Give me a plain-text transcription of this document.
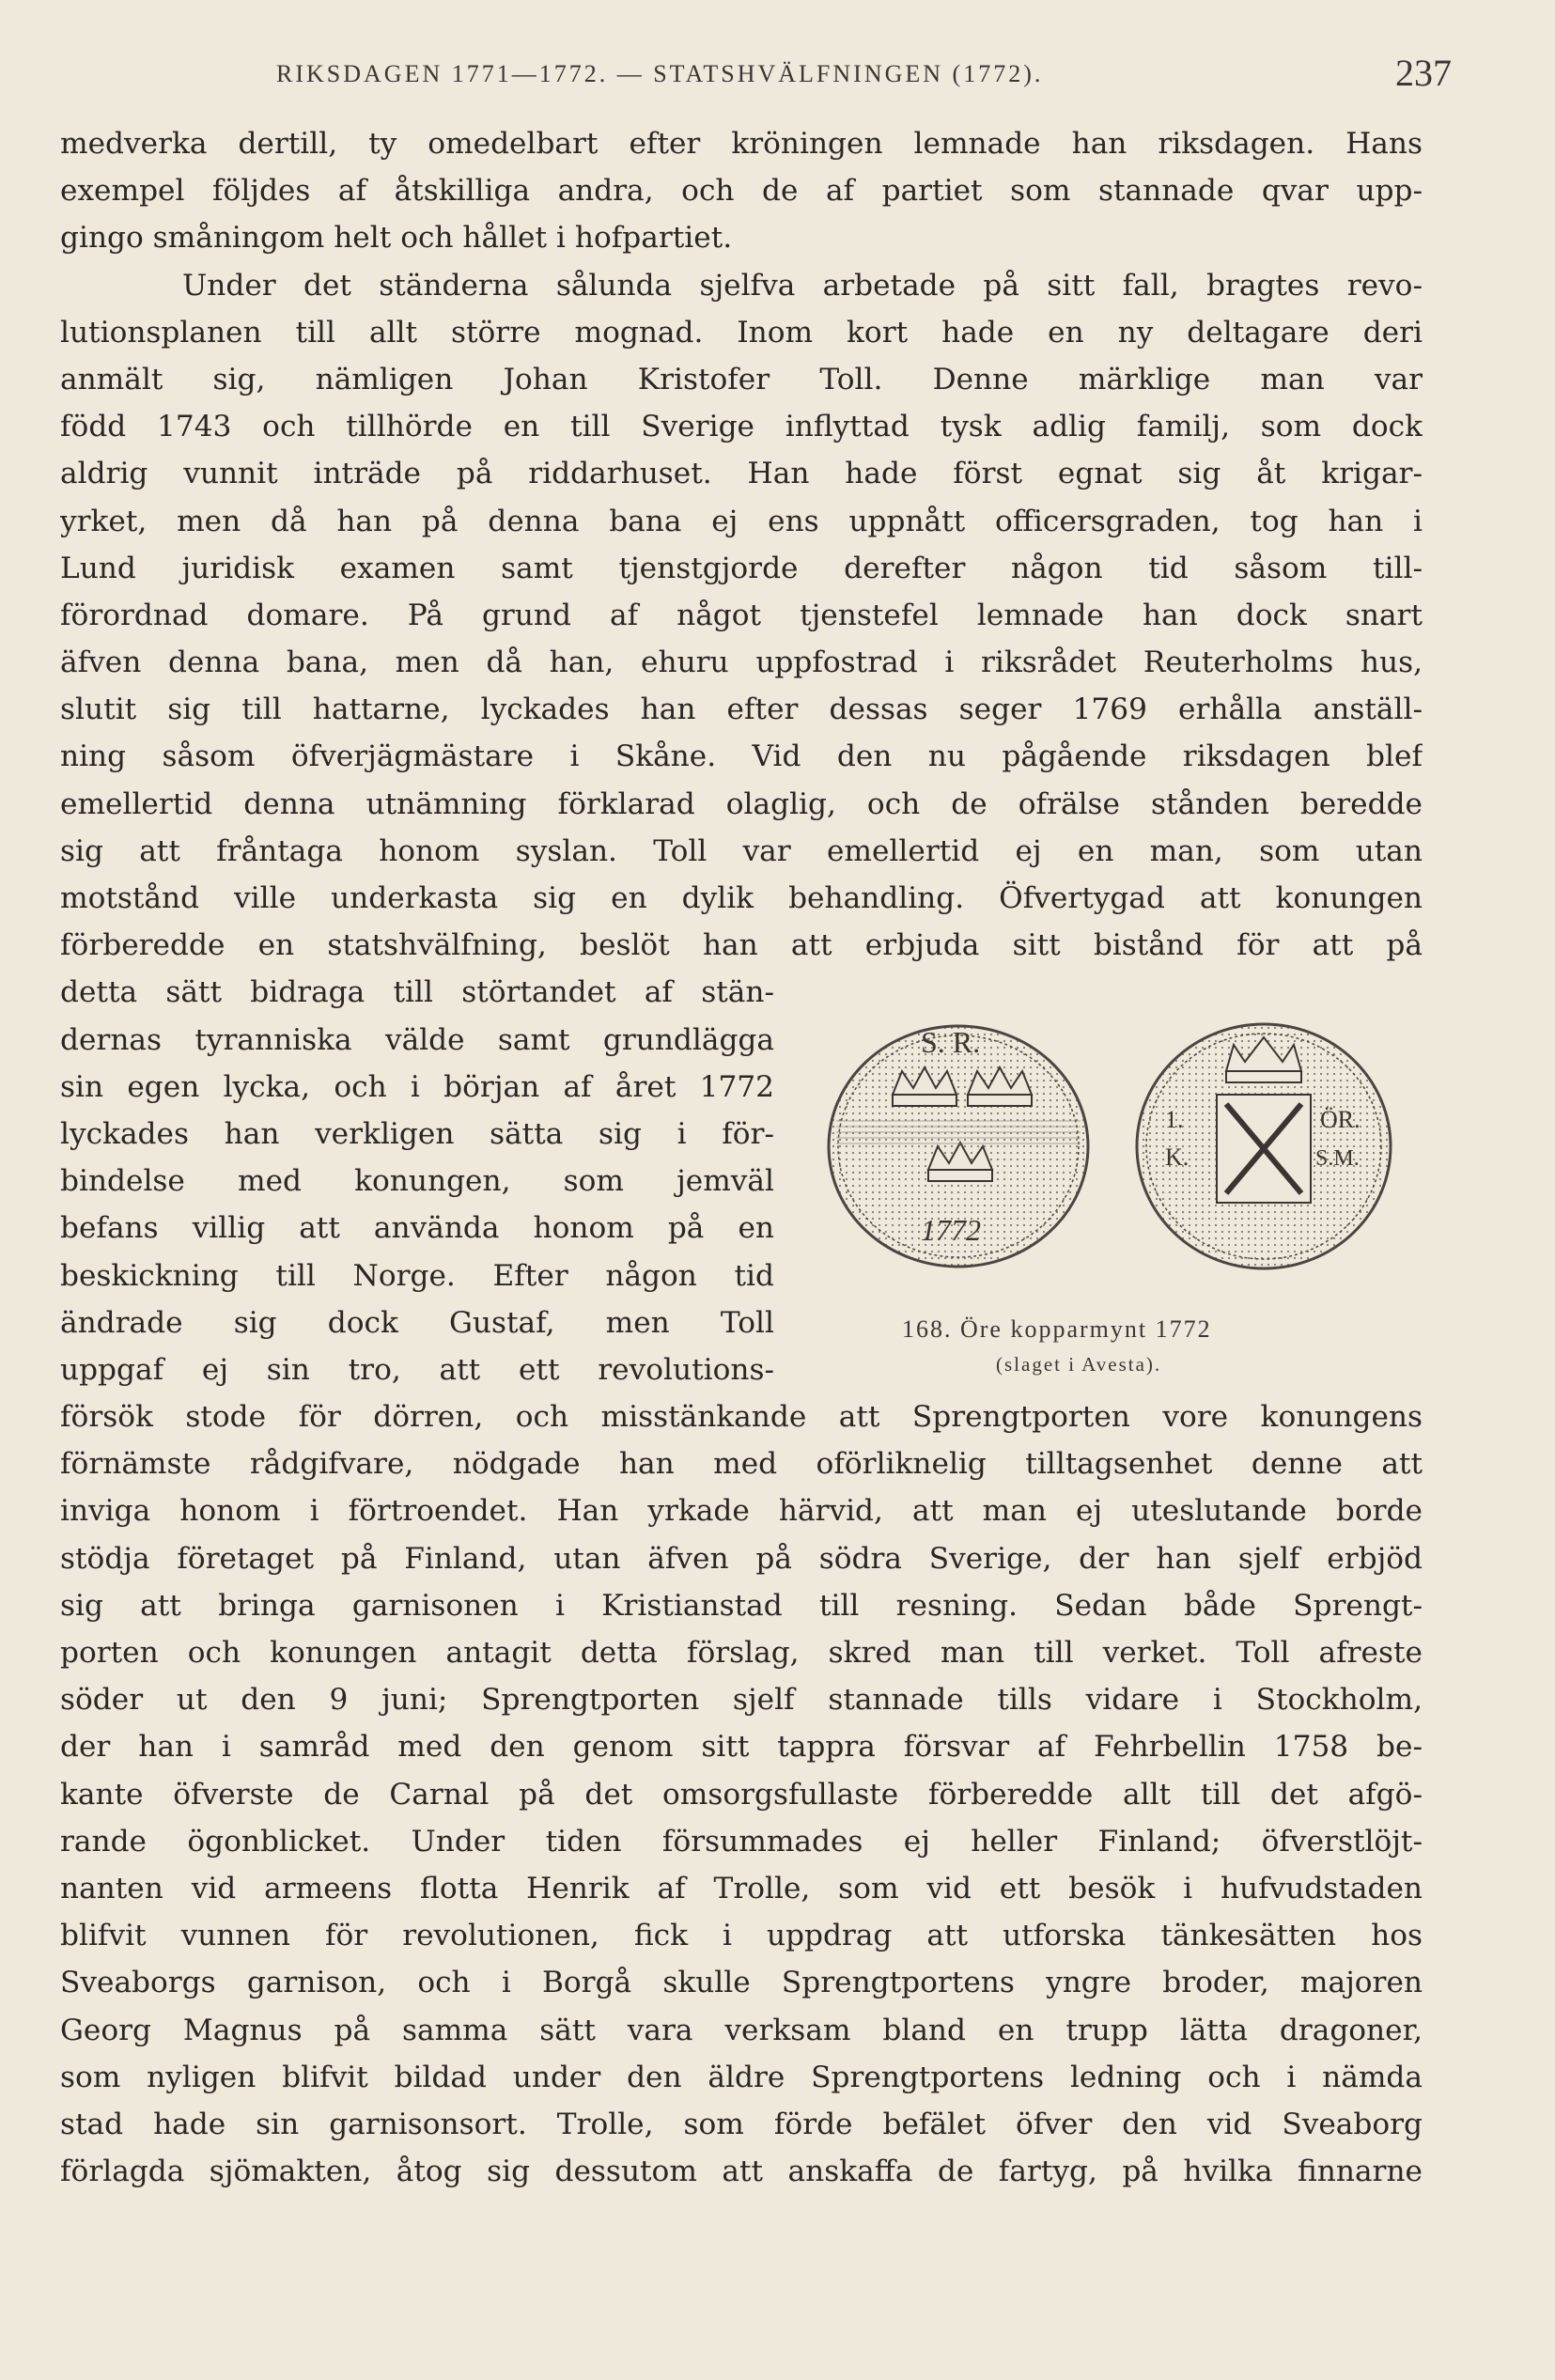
RIKSDAGEN 1771—1772. — STATSHVÄLFNINGEN (1772).	237
medverka dertill, ty omedelbart efter kröningen lemnade han riksdagen. Hans
exempel följdes af åtskilliga andra, och de af partiet som stannade qvar upp-
gingo småningom helt och hållet i hofpartiet.
Under det ständerna sålunda sjelfva arbetade på sitt fall, bragtes revo-
lutionsplanen till allt större mognad. Inom kort hade en ny deltagare deri
anmält sig, nämligen Johan Kristofer Toll. Denne märklige man var
född 1743 och tillhörde en till Sverige inflyttad tysk adlig familj, som dock
aldrig vunnit inträde på riddarhuset. Han hade först egnat sig åt krigar-
yrket, men då han på denna bana ej ens uppnått officersgraden, tog han i
Lund juridisk examen samt tjenstgjorde derefter någon tid såsom till-
förordnad domare. På grund af något tjenstefel lemnade han dock snart
äfven denna bana, men då han, ehuru uppfostrad i riksrådet Reuterholms hus,
slutit sig till hattarne, lyckades han efter dessas seger 1769 erhålla anställ-
ning såsom öfverjägmästare i Skåne. Vid den nu pågående riksdagen blef
emellertid denna utnämning förklarad olaglig, och de ofrälse stånden beredde
sig att fråntaga honom syslan. Toll var emellertid ej en man, som utan
motstånd ville underkasta sig en dylik behandling. Öfvertygad att konungen
förberedde en statshvälfning, beslöt han att erbjuda sitt bistånd för att på
detta sätt bidraga till störtandet af stän-
dernas tyranniska välde samt grundlägga
sin egen lycka, och i början af året 1772
lyckades han verkligen sätta sig i för-
bindelse med konungen, som jemväl
befans villig att använda honom på en
beskickning till Norge. Efter någon tid
ändrade sig dock Gustaf, men Toll
uppgaf ej sin tro, att ett revolutions-
försök stode för dörren, och misstänkande att Sprengtporten vore konungens
förnämste rådgifvare, nödgade han med oförliknelig tilltagsenhet denne att
inviga honom i förtroendet. Han yrkade härvid, att man ej uteslutande borde
stödja företaget på Finland, utan äfven på södra Sverige, der han sjelf erbjöd
sig att bringa garnisonen i Kristianstad till resning. Sedan både Sprengt-
porten och konungen antagit detta förslag, skred man till verket. Toll afreste
söder ut den 9 juni; Sprengtporten sjelf stannade tills vidare i Stockholm,
der han i samråd med den genom sitt tappra försvar af Fehrbellin 1758 be-
kante öfverste de Carnal på det omsorgsfullaste förberedde allt till det afgö-
rande ögonblicket. Under tiden försummades ej heller Finland; öfverstlöjt-
nanten vid armeens flotta Henrik af Trolle, som vid ett besök i hufvudstaden
blifvit vunnen för revolutionen, fick i uppdrag att utforska tänkesätten hos
Sveaborgs garnison, och i Borgå skulle Sprengtportens yngre broder, majoren
Georg Magnus på samma sätt vara verksam bland en trupp lätta dragoner,
som nyligen blifvit bildad under den äldre Sprengtportens ledning och i nämda
stad hade sin garnisonsort. Trolle, som förde befälet öfver den vid Sveaborg
förlagda sjömakten, åtog sig dessutom att anskaffa de fartyg, på hvilka finnarne
S. R.
1772
1.
K.
ÖR.
S.M.
168. Öre kopparmynt 1772
(slaget i Avesta).
